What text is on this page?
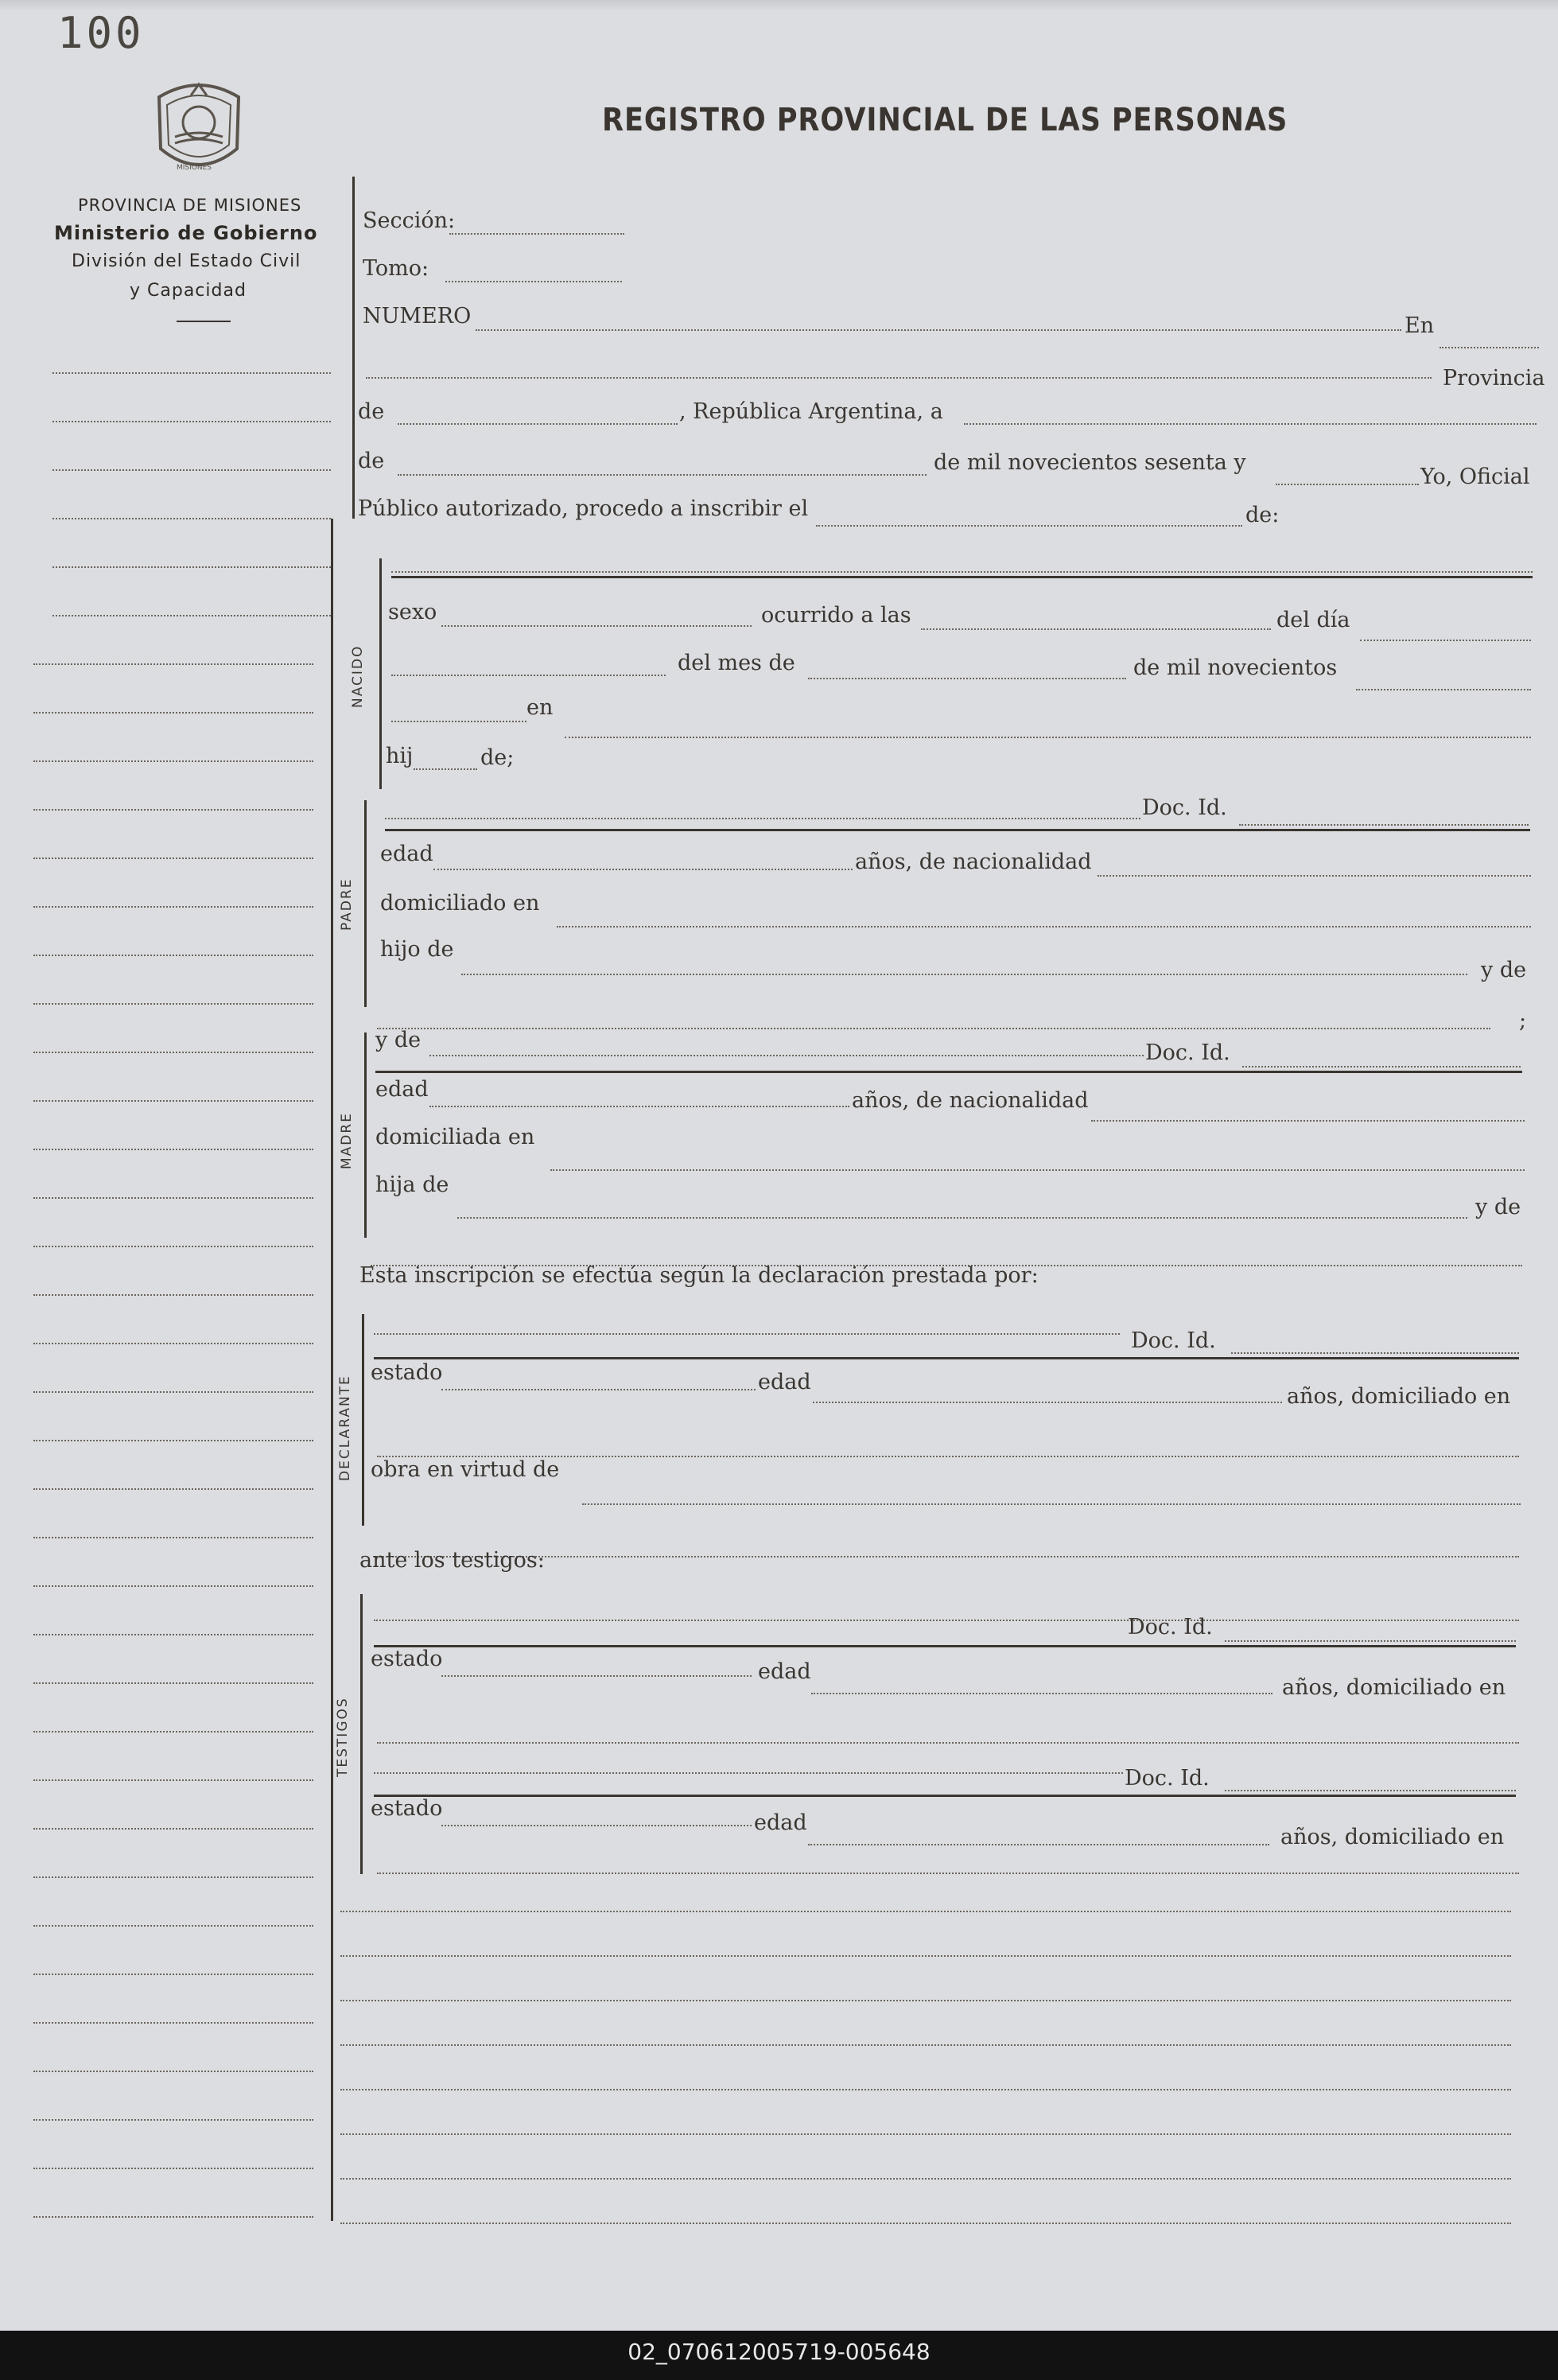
100
MISIONES
REGISTRO PROVINCIAL DE LAS PERSONAS
PROVINCIA DE MISIONES
Ministerio de Gobierno
División del Estado Civil
y Capacidad
Sección:
Tomo:
NUMERO	En
Provincia
de	, República Argentina, a
de	de mil novecientos sesenta y
Yo, Oficial
Público autorizado, procedo a inscribir el	de:
NACIDO
sexo	ocurrido a las	del día
del mes de	de mil novecientos
en
hij	de;
PADRE
Doc. Id.
edad	años, de nacionalidad
domiciliado en
hijo de
y de
;
MADRE
y de
Doc. Id.
edad	años, de nacionalidad
domiciliada en
hija de
y de
Esta inscripción se efectúa según la declaración prestada por:
DECLARANTE
Doc. Id.
estado	edad
años, domiciliado en
obra en virtud de
ante los testigos:
TESTIGOS
Doc. Id.
estado
edad
años, domiciliado en
Doc. Id.
estado
edad
años, domiciliado en
02_070612005719-005648
